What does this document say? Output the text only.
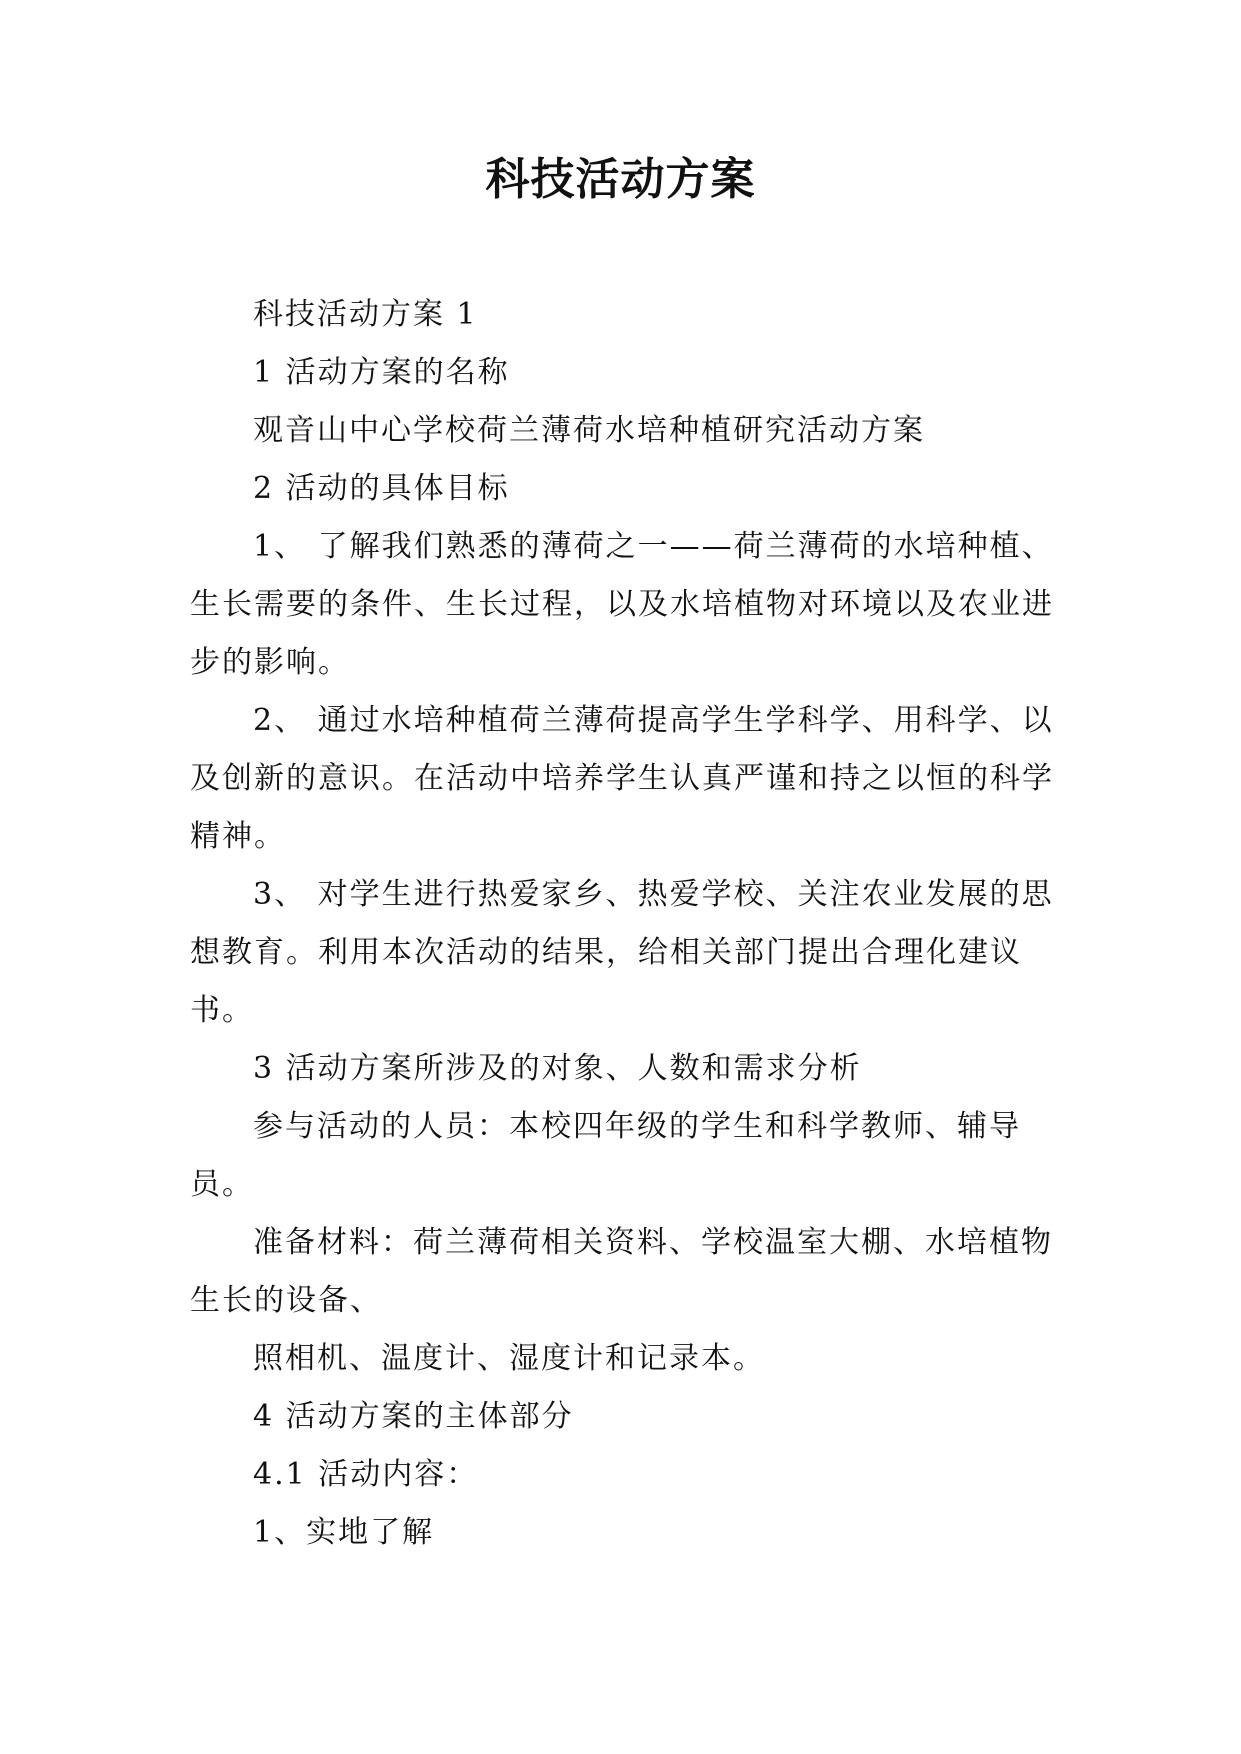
科技活动方案

科技活动方案 1

1 活动方案的名称

观音山中心学校荷兰薄荷水培种植研究活动方案

2 活动的具体目标

1、 了解我们熟悉的薄荷之一——荷兰薄荷的水培种植、生长需要的条件、生长过程，以及水培植物对环境以及农业进步的影响。

2、 通过水培种植荷兰薄荷提高学生学科学、用科学、以及创新的意识。在活动中培养学生认真严谨和持之以恒的科学精神。

3、 对学生进行热爱家乡、热爱学校、关注农业发展的思想教育。利用本次活动的结果，给相关部门提出合理化建议书。

3 活动方案所涉及的对象、人数和需求分析

参与活动的人员：本校四年级的学生和科学教师、辅导员。

准备材料：荷兰薄荷相关资料、学校温室大棚、水培植物生长的设备、

照相机、温度计、湿度计和记录本。

4 活动方案的主体部分

4.1 活动内容：

1、实地了解
